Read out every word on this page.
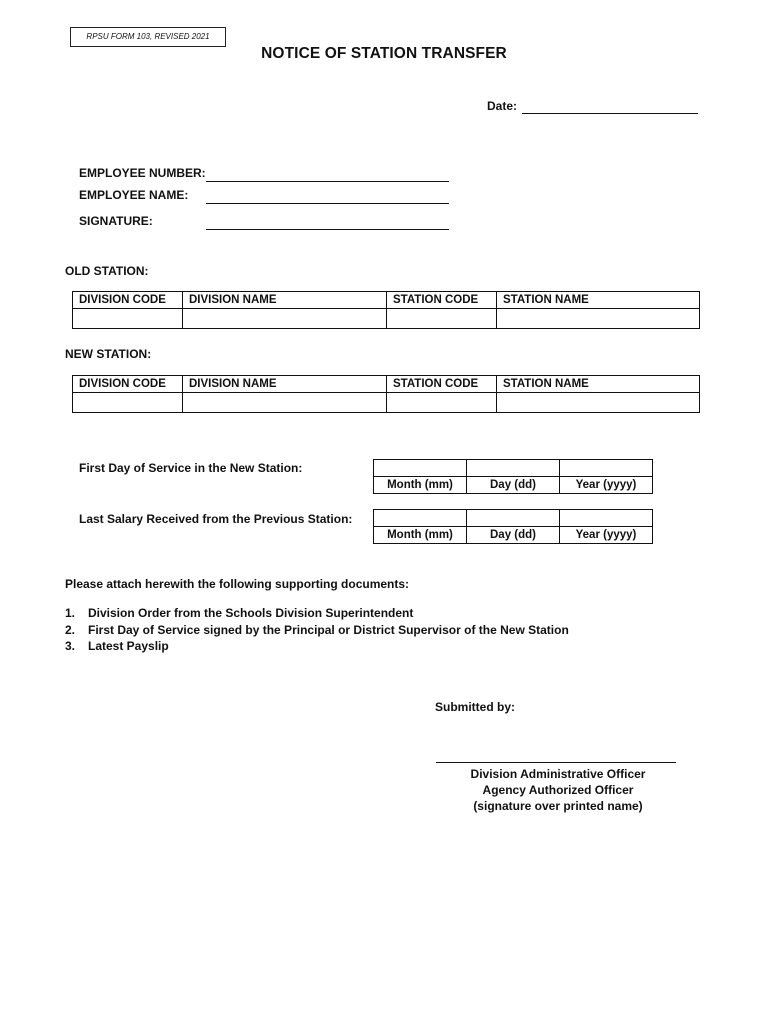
RPSU FORM 103, REVISED 2021
NOTICE OF STATION TRANSFER
Date:
EMPLOYEE NUMBER:
EMPLOYEE NAME:
SIGNATURE:
OLD STATION:
DIVISION CODE	DIVISION NAME	STATION CODE	STATION NAME

NEW STATION:
DIVISION CODE	DIVISION NAME	STATION CODE	STATION NAME

First Day of Service in the New Station:

Month (mm)	Day (dd)	Year (yyyy)
Last Salary Received from the Previous Station:

Month (mm)	Day (dd)	Year (yyyy)
Please attach herewith the following supporting documents:
1. Division Order from the Schools Division Superintendent
2. First Day of Service signed by the Principal or District Supervisor of the New Station
3. Latest Payslip
Submitted by:
Division Administrative Officer
Agency Authorized Officer
(signature over printed name)
